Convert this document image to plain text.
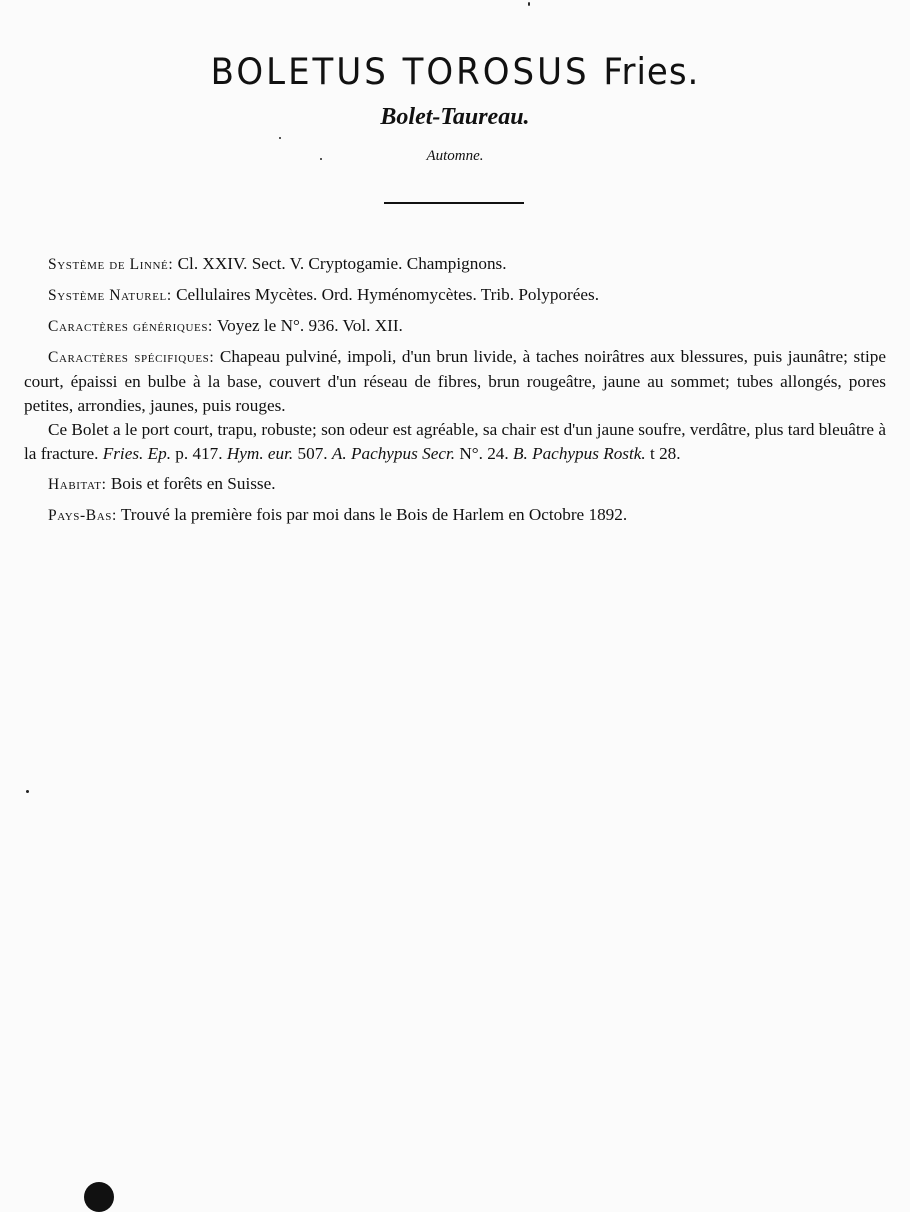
BOLETUS TOROSUS Fries.
Bolet-Taureau.

Automne.

Système de Linné: Cl. XXIV. Sect. V. Cryptogamie. Champignons.

Système Naturel: Cellulaires Mycètes. Ord. Hyménomycètes. Trib. Polyporées.

Caractères génériques: Voyez le N°. 936. Vol. XII.

Caractères spécifiques: Chapeau pulviné, impoli, d'un brun livide, à taches noirâtres aux blessures, puis jaunâtre; stipe court, épaissi en bulbe à la base, couvert d'un réseau de fibres, brun rougeâtre, jaune au sommet; tubes allongés, pores petites, arrondies, jaunes, puis rouges.

Ce Bolet a le port court, trapu, robuste; son odeur est agréable, sa chair est d'un jaune soufre, verdâtre, plus tard bleuâtre à la fracture. Fries. Ep. p. 417. Hym. eur. 507. A. Pachypus Secr. N°. 24. B. Pachypus Rostk. t 28.

Habitat: Bois et forêts en Suisse.

Pays-Bas: Trouvé la première fois par moi dans le Bois de Harlem en Octobre 1892.
